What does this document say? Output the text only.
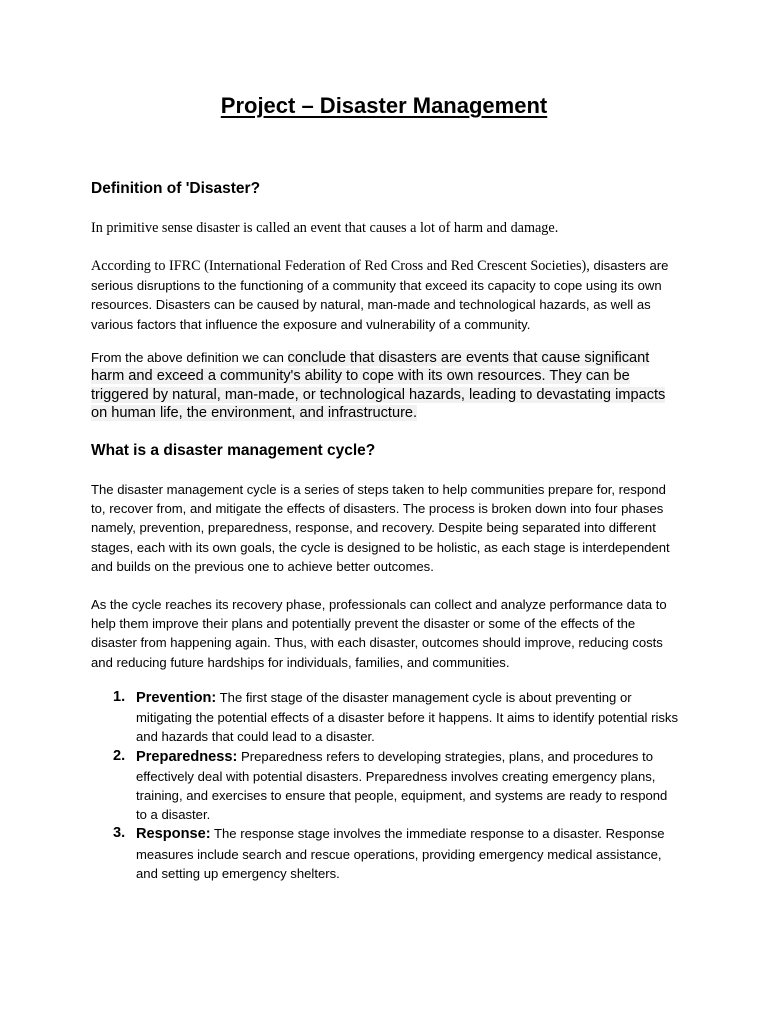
Project – Disaster Management
Definition of 'Disaster?
In primitive sense disaster is called an event that causes a lot of harm and damage.
According to IFRC (International Federation of Red Cross and Red Crescent Societies), disasters are serious disruptions to the functioning of a community that exceed its capacity to cope using its own resources. Disasters can be caused by natural, man-made and technological hazards, as well as various factors that influence the exposure and vulnerability of a community.
From the above definition we can conclude that disasters are events that cause significant harm and exceed a community's ability to cope with its own resources. They can be triggered by natural, man-made, or technological hazards, leading to devastating impacts on human life, the environment, and infrastructure.
What is a disaster management cycle?
The disaster management cycle is a series of steps taken to help communities prepare for, respond to, recover from, and mitigate the effects of disasters. The process is broken down into four phases namely, prevention, preparedness, response, and recovery. Despite being separated into different stages, each with its own goals, the cycle is designed to be holistic, as each stage is interdependent and builds on the previous one to achieve better outcomes.
As the cycle reaches its recovery phase, professionals can collect and analyze performance data to help them improve their plans and potentially prevent the disaster or some of the effects of the disaster from happening again. Thus, with each disaster, outcomes should improve, reducing costs and reducing future hardships for individuals, families, and communities.
1. Prevention: The first stage of the disaster management cycle is about preventing or mitigating the potential effects of a disaster before it happens. It aims to identify potential risks and hazards that could lead to a disaster.
2. Preparedness: Preparedness refers to developing strategies, plans, and procedures to effectively deal with potential disasters. Preparedness involves creating emergency plans, training, and exercises to ensure that people, equipment, and systems are ready to respond to a disaster.
3. Response: The response stage involves the immediate response to a disaster. Response measures include search and rescue operations, providing emergency medical assistance, and setting up emergency shelters.
